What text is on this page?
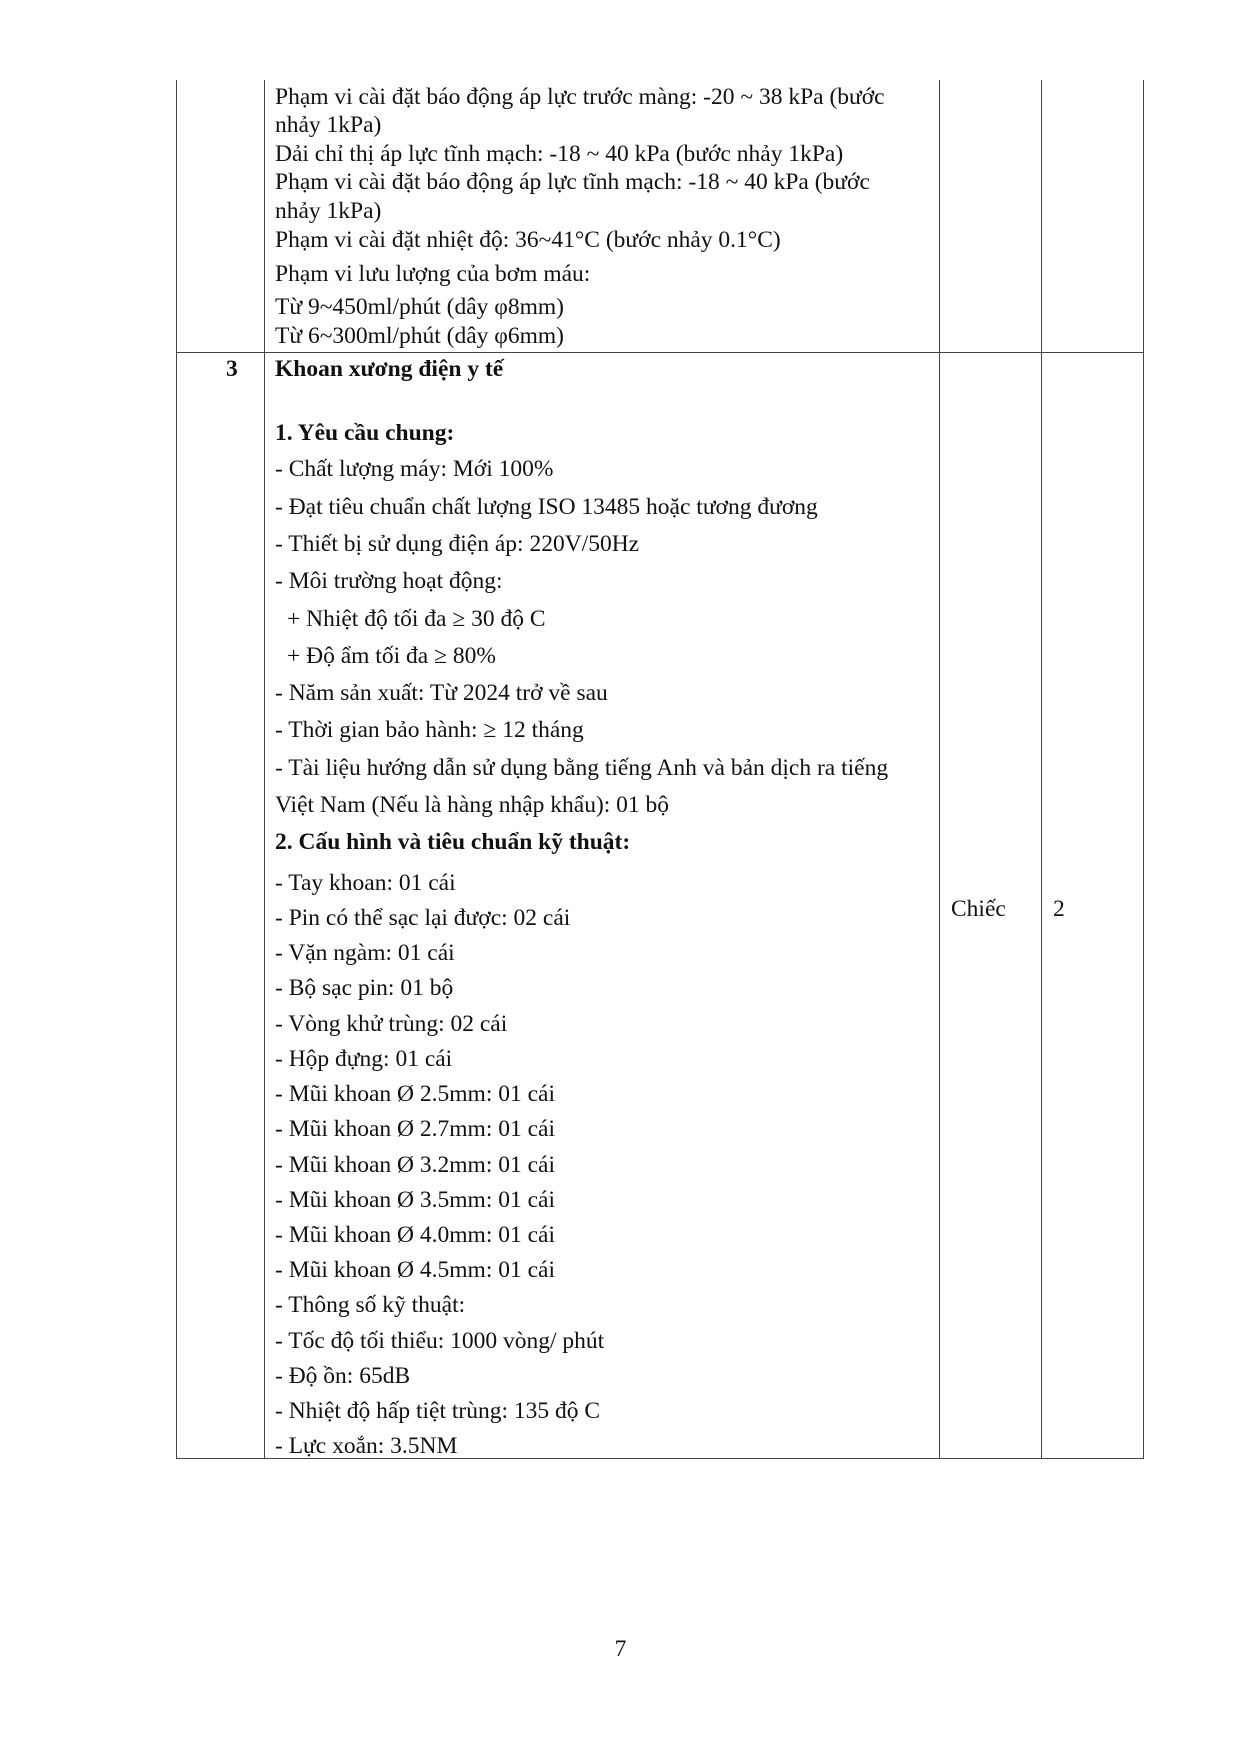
Phạm vi cài đặt báo động áp lực trước màng: -20 ~ 38 kPa (bước
nhảy 1kPa)
Dải chỉ thị áp lực tĩnh mạch: -18 ~ 40 kPa (bước nhảy 1kPa)
Phạm vi cài đặt báo động áp lực tĩnh mạch: -18 ~ 40 kPa (bước
nhảy 1kPa)
Phạm vi cài đặt nhiệt độ: 36~41°C (bước nhảy 0.1°C)
Phạm vi lưu lượng của bơm máu:
Từ 9~450ml/phút (dây φ8mm)
Từ 6~300ml/phút (dây φ6mm)
3 Khoan xương điện y tế
1. Yêu cầu chung:
- Chất lượng máy: Mới 100%
- Đạt tiêu chuẩn chất lượng ISO 13485 hoặc tương đương
- Thiết bị sử dụng điện áp: 220V/50Hz
- Môi trường hoạt động:
+ Nhiệt độ tối đa ≥ 30 độ C
+ Độ ẩm tối đa ≥ 80%
- Năm sản xuất: Từ 2024 trở về sau
- Thời gian bảo hành: ≥ 12 tháng
- Tài liệu hướng dẫn sử dụng bằng tiếng Anh và bản dịch ra tiếng
Việt Nam (Nếu là hàng nhập khẩu): 01 bộ
2. Cấu hình và tiêu chuẩn kỹ thuật:
- Tay khoan: 01 cái
- Pin có thể sạc lại được: 02 cái
- Vặn ngàm: 01 cái
- Bộ sạc pin: 01 bộ
- Vòng khử trùng: 02 cái
- Hộp đựng: 01 cái
- Mũi khoan Ø 2.5mm: 01 cái
- Mũi khoan Ø 2.7mm: 01 cái
- Mũi khoan Ø 3.2mm: 01 cái
- Mũi khoan Ø 3.5mm: 01 cái
- Mũi khoan Ø 4.0mm: 01 cái
- Mũi khoan Ø 4.5mm: 01 cái
- Thông số kỹ thuật:
- Tốc độ tối thiểu: 1000 vòng/ phút
- Độ ồn: 65dB
- Nhiệt độ hấp tiệt trùng: 135 độ C
- Lực xoắn: 3.5NM
Chiếc 2
7
